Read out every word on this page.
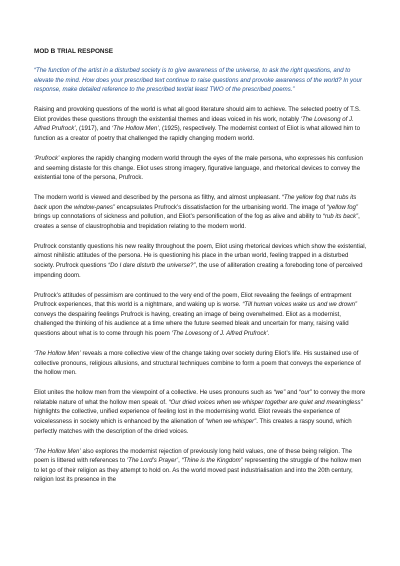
MOD B TRIAL RESPONSE

“The function of the artist in a disturbed society is to give awareness of the universe, to ask the right questions, and to elevate the mind. How does your prescribed text continue to raise questions and provoke awareness of the world? In your response, make detailed reference to the prescribed text/at least TWO of the prescribed poems.”

Raising and provoking questions of the world is what all good literature should aim to achieve. The selected poetry of T.S. Eliot provides these questions through the existential themes and ideas voiced in his work, notably ‘The Lovesong of J. Alfred Prufrock’, (1917), and ‘The Hollow Men’, (1925), respectively. The modernist context of Eliot is what allowed him to function as a creator of poetry that challenged the rapidly changing modern world.

‘Prufrock’ explores the rapidly changing modern world through the eyes of the male persona, who expresses his confusion and seeming distaste for this change. Eliot uses strong imagery, figurative language, and rhetorical devices to convey the existential tone of the persona, Prufrock.

The modern world is viewed and described by the persona as filthy, and almost unpleasant. “The yellow fog that rubs its back upon the window-panes” encapsulates Prufrock’s dissatisfaction for the urbanising world. The image of “yellow fog” brings up connotations of sickness and pollution, and Eliot’s personification of the fog as alive and ability to “rub its back”, creates a sense of claustrophobia and trepidation relating to the modern world.

Prufrock constantly questions his new reality throughout the poem, Eliot using rhetorical devices which show the existential, almost nihilistic attitudes of the persona. He is questioning his place in the urban world, feeling trapped in a disturbed society. Prufrock questions “Do I dare disturb the universe?”, the use of alliteration creating a foreboding tone of perceived impending doom.

Prufrock’s attitudes of pessimism are continued to the very end of the poem, Eliot revealing the feelings of entrapment Prufrock experiences, that this world is a nightmare, and waking up is worse. “Till human voices wake us and we drown” conveys the despairing feelings Prufrock is having, creating an image of being overwhelmed. Eliot as a modernist, challenged the thinking of his audience at a time where the future seemed bleak and uncertain for many, raising valid questions about what is to come through his poem ‘The Lovesong of J. Alfred Prufrock’.

‘The Hollow Men’ reveals a more collective view of the change taking over society during Eliot’s life. His sustained use of collective pronouns, religious allusions, and structural techniques combine to form a poem that conveys the experience of the hollow men.

Eliot unites the hollow men from the viewpoint of a collective. He uses pronouns such as “we” and “our” to convey the more relatable nature of what the hollow men speak of. “Our dried voices when we whisper together are quiet and meaningless” highlights the collective, unified experience of feeling lost in the modernising world. Eliot reveals the experience of voicelessness in society which is enhanced by the alienation of “when we whisper”. This creates a raspy sound, which perfectly matches with the description of the dried voices.

‘The Hollow Men’ also explores the modernist rejection of previously long held values, one of these being religion. The poem is littered with references to ‘The Lord’s Prayer’, “Thine is the Kingdom” representing the struggle of the hollow men to let go of their religion as they attempt to hold on. As the world moved past industrialisation and into the 20th century, religion lost its presence in the
